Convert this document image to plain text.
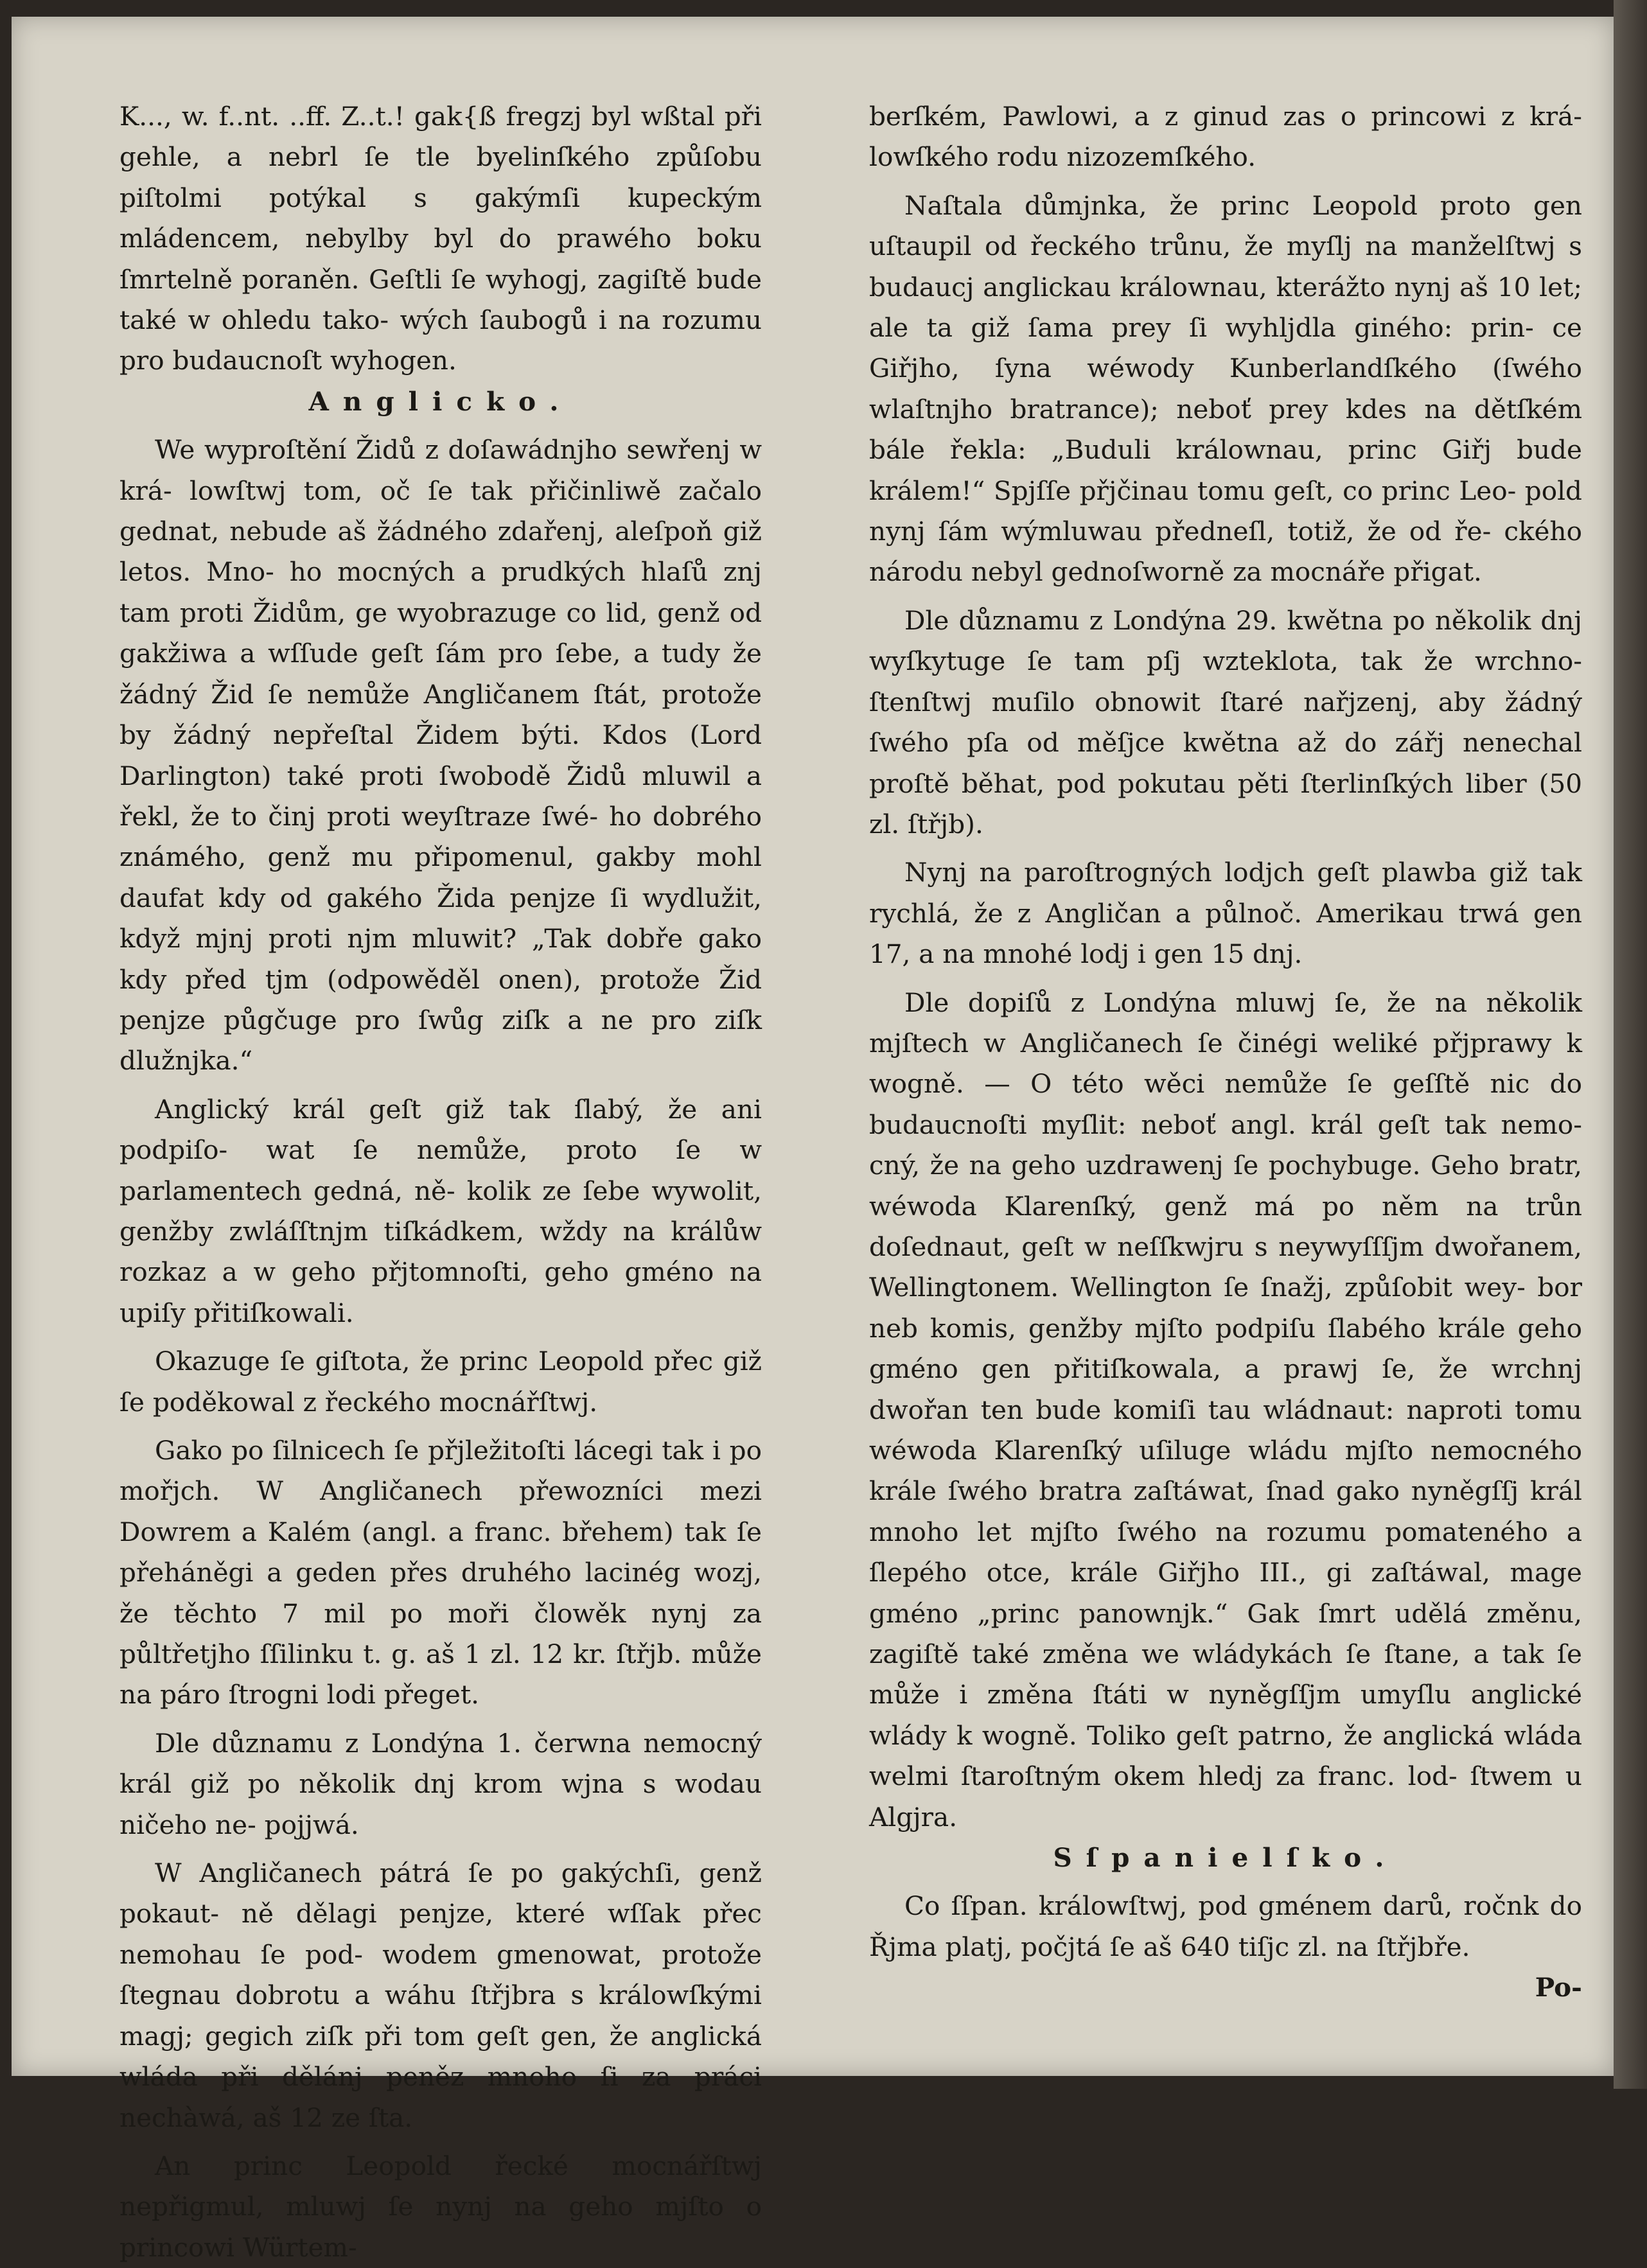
K..., w. f..nt. ..ff. Z..t.! gak{ß fregzj byl wßtal při gehle, a nebrl ſe tle byelinſkého způſobu piſtolmi potýkal s gakýmſi kupeckým mládencem, nebylby byl do prawého boku ſmrtelně poraněn. Geſtli ſe wyhogj, zagiſtě bude také w ohledu tako- wých ſaubogů i na rozumu pro budaucnoſt wyhogen.

Anglicko.

We wyproſtění Židů z doſawádnjho sewřenj w krá- lowſtwj tom, oč ſe tak přičinliwě začalo gednat, nebude aš žádného zdařenj, aleſpoň giž letos. Mno- ho mocných a prudkých hlaſů znj tam proti Židům, ge wyobrazuge co lid, genž od gakžiwa a wſſude geſt ſám pro ſebe, a tudy že žádný Žid ſe nemůže Angličanem ſtát, protože by žádný nepřeſtal Židem býti. Kdos (Lord Darlington) také proti ſwobodě Židů mluwil a řekl, že to činj proti weyſtraze ſwé- ho dobrého známého, genž mu připomenul, gakby mohl daufat kdy od gakého Žida penjze ſi wydlužit, když mjnj proti njm mluwit? „Tak dobře gako kdy před tjm (odpowěděl onen), protože Žid penjze půgčuge pro ſwůg ziſk a ne pro ziſk dlužnjka.“

Anglický král geſt giž tak ſlabý, že ani podpiſo- wat ſe nemůže, proto ſe w parlamentech gedná, ně- kolik ze ſebe wywolit, genžby zwláſſtnjm tiſkádkem, wždy na králůw rozkaz a w geho přjtomnoſti, geho gméno na upiſy přitiſkowali.

Okazuge ſe giſtota, že princ Leopold přec giž ſe poděkowal z řeckého mocnářſtwj.

Gako po ſilnicech ſe přjležitoſti lácegi tak i po mořjch. W Angličanech přewozníci mezi Dowrem a Kalém (angl. a franc. břehem) tak ſe přeháněgi a geden přes druhého lacinég wozj, že těchto 7 mil po moři člowěk nynj za půltřetjho ſſilinku t. g. aš 1 zl. 12 kr. ſtřjb. může na páro ſtrogni lodi přeget.

Dle důznamu z Londýna 1. čerwna nemocný král giž po několik dnj krom wjna s wodau ničeho ne- pojjwá.

W Angličanech pátrá ſe po gakýchſi, genž pokaut- ně dělagi penjze, které wſſak přec nemohau ſe pod- wodem gmenowat, protože ſtegnau dobrotu a wáhu ſtřjbra s králowſkými magj; gegich ziſk při tom geſt gen, že anglická wláda při dělánj peněz mnoho ſi za práci nechàwá, aš 12 ze ſta.

An princ Leopold řecké mocnářſtwj nepřigmul, mluwj ſe nynj na geho mjſto o princowi Würtem-

berſkém, Pawlowi, a z ginud zas o princowi z krá- lowſkého rodu nizozemſkého.

Naſtala důmjnka, že princ Leopold proto gen uſtaupil od řeckého trůnu, že myſlj na manželſtwj s budaucj anglickau králownau, kterážto nynj aš 10 let; ale ta giž ſama prey ſi wyhljdla giného: prin- ce Giřjho, ſyna wéwody Kunberlandſkého (ſwého wlaſtnjho bratrance); neboť prey kdes na dětſkém bále řekla: „Buduli králownau, princ Giřj bude králem!“ Spjſſe přjčinau tomu geſt, co princ Leo- pold nynj ſám wýmluwau předneſl, totiž, že od ře- ckého národu nebyl gednoſworně za mocnáře přigat.

Dle důznamu z Londýna 29. kwětna po několik dnj wyſkytuge ſe tam pſj wzteklota, tak že wrchno- ſtenſtwj muſilo obnowit ſtaré nařjzenj, aby žádný ſwého pſa od měſjce kwětna až do zářj nenechal proſtě běhat, pod pokutau pěti ſterlinſkých liber (50 zl. ſtřjb).

Nynj na paroſtrogných lodjch geſt plawba giž tak rychlá, že z Angličan a půlnoč. Amerikau trwá gen 17, a na mnohé lodj i gen 15 dnj.

Dle dopiſů z Londýna mluwj ſe, že na několik mjſtech w Angličanech ſe činégi weliké přjprawy k wogně. — O této wěci nemůže ſe geſſtě nic do budaucnoſti myſlit: neboť angl. král geſt tak nemo- cný, že na geho uzdrawenj ſe pochybuge. Geho bratr, wéwoda Klarenſký, genž má po něm na trůn doſednaut, geſt w neſſkwjru s neywyſſſjm dwořanem, Wellingtonem. Wellington ſe ſnažj, způſobit wey- bor neb komis, genžby mjſto podpiſu ſlabého krále geho gméno gen přitiſkowala, a prawj ſe, že wrchnj dwořan ten bude komiſi tau wládnaut: naproti tomu wéwoda Klarenſký uſiluge wládu mjſto nemocného krále ſwého bratra zaſtáwat, ſnad gako nyněgſſj král mnoho let mjſto ſwého na rozumu pomateného a ſlepého otce, krále Giřjho III., gi zaſtáwal, mage gméno „princ panownjk.“ Gak ſmrt udělá změnu, zagiſtě také změna we wládykách ſe ſtane, a tak ſe může i změna ſtáti w nyněgſſjm umyſlu anglické wlády k wogně. Toliko geſt patrno, že anglická wláda welmi ſtaroſtným okem hledj za franc. lod- ſtwem u Algjra.

Sſpanielſko.

Co ſſpan. králowſtwj, pod gménem darů, ročnk do Řjma platj, počjtá ſe aš 640 tiſjc zl. na ſtřjbře.

Po-
